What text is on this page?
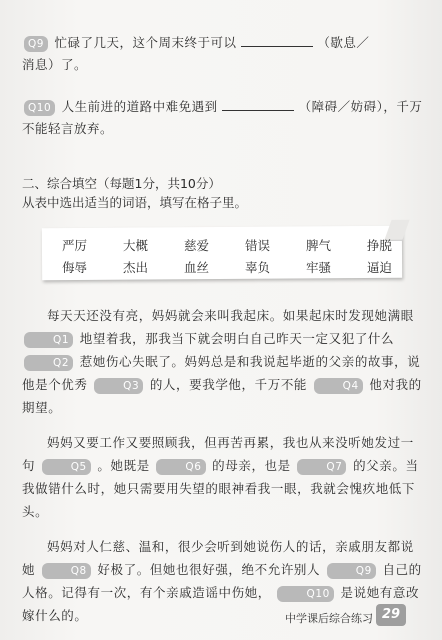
Q9 忙碌了几天，这个周末终于可以	（歇息／
消息）了。
Q10 人生前进的道路中难免遇到	（障碍／妨碍），千万
不能轻言放弃。
二、综合填空（每题1分，共10分）
从表中选出适当的词语，填写在格子里。
严厉	大概	慈爱	错误	脾气	挣脱
侮辱	杰出	血丝	辜负	牢骚	逼迫

每天天还没有亮，妈妈就会来叫我起床。如果起床时发现她满眼 Q1 地望着我，那我当下就会明白自己昨天一定又犯了什么 Q2 惹她伤心失眠了。妈妈总是和我说起毕逝的父亲的故事，说他是个优秀	Q3 的人，要我学他，千万不能	Q4 他对我的期望。

妈妈又要工作又要照顾我，但再苦再累，我也从来没听她发过一句	Q5 。她既是	Q6 的母亲，也是	Q7 的父亲。当我做错什么时，她只需要用失望的眼神看我一眼，我就会愧疚地低下头。

妈妈对人仁慈、温和，很少会听到她说伤人的话，亲戚朋友都说她	Q8 好极了。但她也很好强，绝不允许别人	Q9 自己的人格。记得有一次，有个亲戚造谣中伤她，	Q10 是说她有意改嫁什么的。	中学课后综合练习 29
